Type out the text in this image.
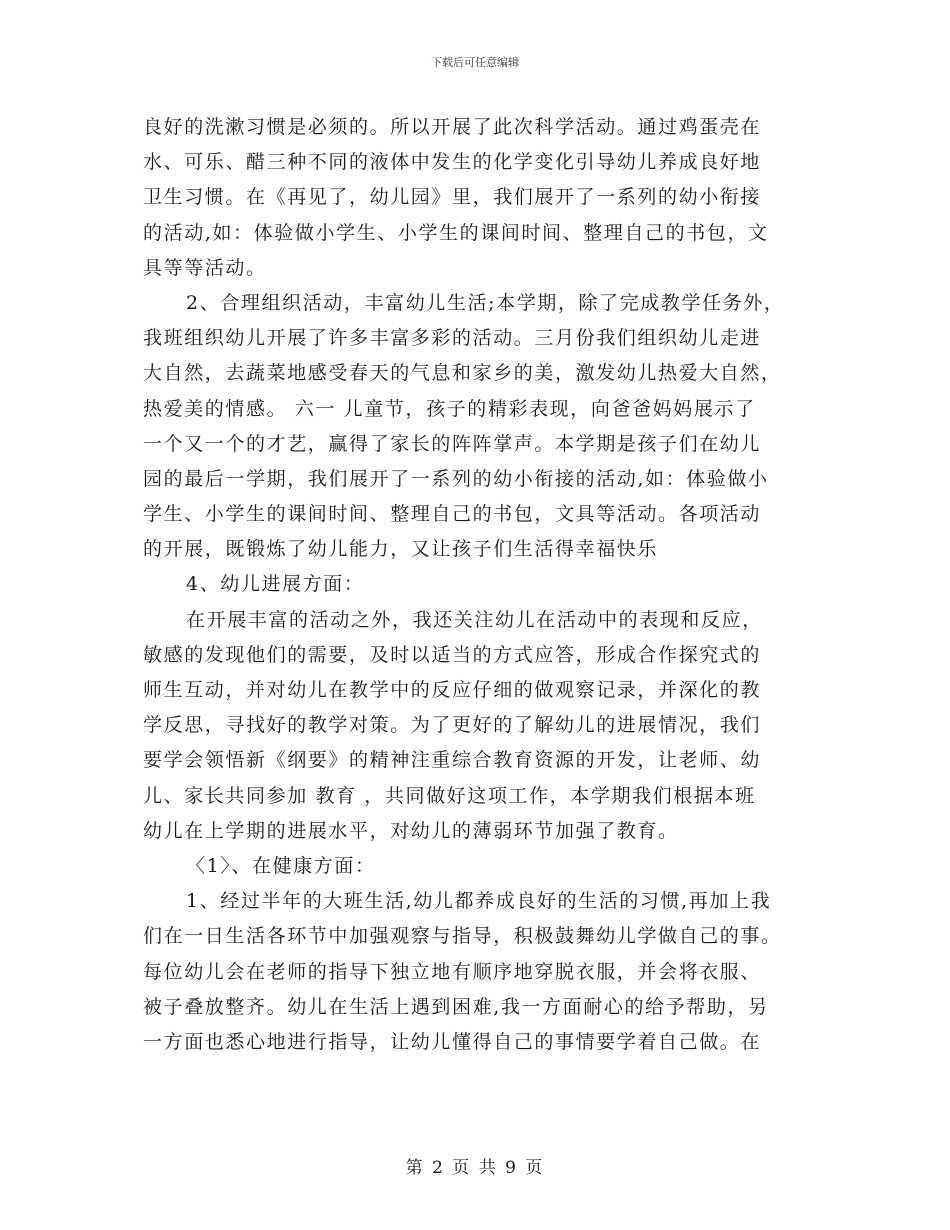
下载后可任意编辑
良好的洗漱习惯是必须的。所以开展了此次科学活动。通过鸡蛋壳在
水、可乐、醋三种不同的液体中发生的化学变化引导幼儿养成良好地
卫生习惯。在《再见了，幼儿园》里，我们展开了一系列的幼小衔接
的活动,如：体验做小学生、小学生的课间时间、整理自己的书包，文
具等等活动。
2、合理组织活动，丰富幼儿生活;本学期，除了完成教学任务外，
我班组织幼儿开展了许多丰富多彩的活动。三月份我们组织幼儿走进
大自然，去蔬菜地感受春天的气息和家乡的美，激发幼儿热爱大自然，
热爱美的情感。 六一 儿童节，孩子的精彩表现，向爸爸妈妈展示了
一个又一个的才艺，赢得了家长的阵阵掌声。本学期是孩子们在幼儿
园的最后一学期，我们展开了一系列的幼小衔接的活动,如：体验做小
学生、小学生的课间时间、整理自己的书包，文具等活动。各项活动
的开展，既锻炼了幼儿能力，又让孩子们生活得幸福快乐
4、幼儿进展方面：
在开展丰富的活动之外，我还关注幼儿在活动中的表现和反应，
敏感的发现他们的需要，及时以适当的方式应答，形成合作探究式的
师生互动，并对幼儿在教学中的反应仔细的做观察记录，并深化的教
学反思，寻找好的教学对策。为了更好的了解幼儿的进展情况，我们
要学会领悟新《纲要》的精神注重综合教育资源的开发，让老师、幼
儿、家长共同参加 教育 ，共同做好这项工作，本学期我们根据本班
幼儿在上学期的进展水平，对幼儿的薄弱环节加强了教育。
〈1〉、在健康方面：
1、经过半年的大班生活,幼儿都养成良好的生活的习惯,再加上我
们在一日生活各环节中加强观察与指导，积极鼓舞幼儿学做自己的事。
每位幼儿会在老师的指导下独立地有顺序地穿脱衣服，并会将衣服、
被子叠放整齐。幼儿在生活上遇到困难,我一方面耐心的给予帮助，另
一方面也悉心地进行指导，让幼儿懂得自己的事情要学着自己做。在
第 2 页 共 9 页
